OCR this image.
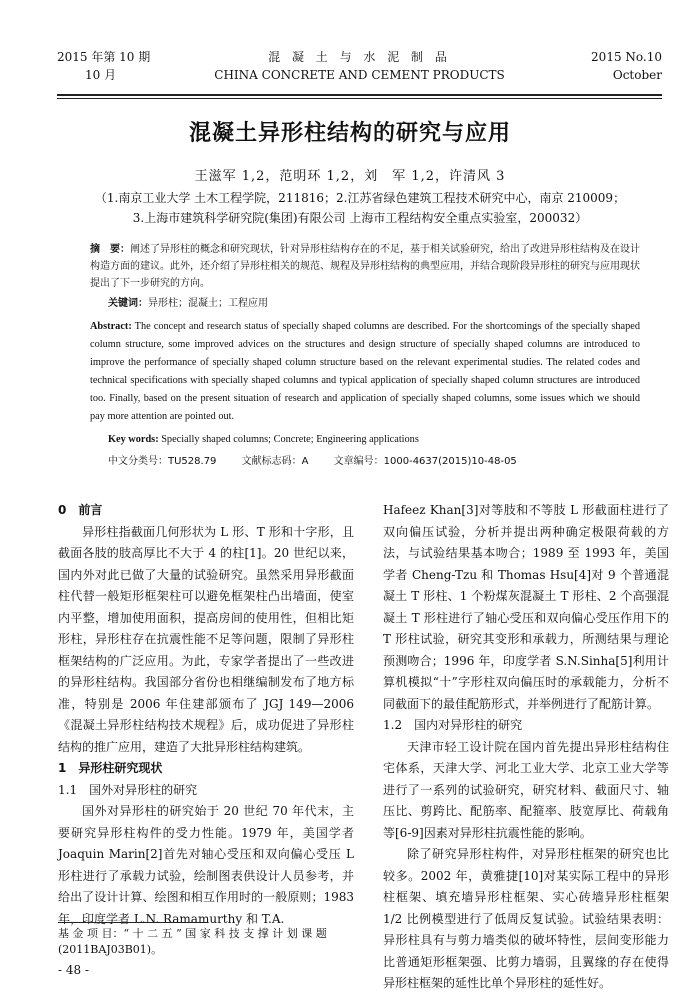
2015 年第 10 期
10 月
混 凝 土 与 水 泥 制 品
CHINA CONCRETE AND CEMENT PRODUCTS
2015 No.10
October
混凝土异形柱结构的研究与应用
王滋军 1,2，范明环 1,2，刘　军 1,2，许清风 3
（1.南京工业大学 土木工程学院，211816；2.江苏省绿色建筑工程技术研究中心，南京 210009；
3.上海市建筑科学研究院(集团)有限公司 上海市工程结构安全重点实验室，200032）
摘　要：阐述了异形柱的概念和研究现状，针对异形柱结构存在的不足，基于相关试验研究，给出了改进异形柱结构及在设计构造方面的建议。此外，还介绍了异形柱相关的规范、规程及异形柱结构的典型应用，并结合现阶段异形柱的研究与应用现状提出了下一步研究的方向。
关键词：异形柱；混凝土；工程应用
Abstract: The concept and research status of specially shaped columns are described. For the shortcomings of the specially shaped column structure, some improved advices on the structures and design structure of specially shaped columns are introduced to improve the performance of specially shaped column structure based on the relevant experimental studies. The related codes and technical specifications with specially shaped columns and typical application of specially shaped column structures are introduced too. Finally, based on the present situation of research and application of specially shaped columns, some issues which we should pay more attention are pointed out.
Key words: Specially shaped columns; Concrete; Engineering applications
中文分类号：TU528.79	文献标志码：A	文章编号：1000-4637(2015)10-48-05
0　前言

异形柱指截面几何形状为 L 形、T 形和十字形，且截面各肢的肢高厚比不大于 4 的柱[1]。20 世纪以来，国内外对此已做了大量的试验研究。虽然采用异形截面柱代替一般矩形框架柱可以避免框架柱凸出墙面，使室内平整，增加使用面积，提高房间的使用性，但相比矩形柱，异形柱存在抗震性能不足等问题，限制了异形柱框架结构的广泛应用。为此，专家学者提出了一些改进的异形柱结构。我国部分省份也相继编制发布了地方标准，特别是 2006 年住建部颁布了 JGJ 149—2006《混凝土异形柱结构技术规程》后，成功促进了异形柱结构的推广应用，建造了大批异形柱结构建筑。

1　异形柱研究现状
1.1　国外对异形柱的研究

国外对异形柱的研究始于 20 世纪 70 年代末，主要研究异形柱构件的受力性能。1979 年，美国学者 Joaquin Marin[2]首先对轴心受压和双向偏心受压 L 形柱进行了承载力试验，绘制图表供设计人员参考，并给出了设计计算、绘图和相互作用时的一般原则；1983 年，印度学者 L.N. Ramamurthy 和 T.A.

Hafeez Khan[3]对等肢和不等肢 L 形截面柱进行了双向偏压试验，分析并提出两种确定极限荷载的方法，与试验结果基本吻合；1989 至 1993 年，美国学者 Cheng-Tzu 和 Thomas Hsu[4]对 9 个普通混凝土 T 形柱、1 个粉煤灰混凝土 T 形柱、2 个高强混凝土 T 形柱进行了轴心受压和双向偏心受压作用下的 T 形柱试验，研究其变形和承载力，所测结果与理论预测吻合；1996 年，印度学者 S.N.Sinha[5]利用计算机模拟“十”字形柱双向偏压时的承载能力，分析不同截面下的最佳配筋形式，并举例进行了配筋计算。

1.2　国内对异形柱的研究

天津市轻工设计院在国内首先提出异形柱结构住宅体系，天津大学、河北工业大学、北京工业大学等进行了一系列的试验研究，研究材料、截面尺寸、轴压比、剪跨比、配筋率、配箍率、肢宽厚比、荷载角等[6-9]因素对异形柱抗震性能的影响。

除了研究异形柱构件，对异形柱框架的研究也比较多。2002 年，黄雅捷[10]对某实际工程中的异形柱框架、填充墙异形柱框架、实心砖墙异形柱框架 1/2 比例模型进行了低周反复试验。试验结果表明：异形柱具有与剪力墙类似的破坏特性，层间变形能力比普通矩形框架强、比剪力墙弱，且翼缘的存在使得异形柱框架的延性比单个异形柱的延性好。

基 金 项 目：“ 十 二 五 ” 国 家 科 技 支 撑 计 划 课 题 (2011BAJ03B01)。
- 48 -
